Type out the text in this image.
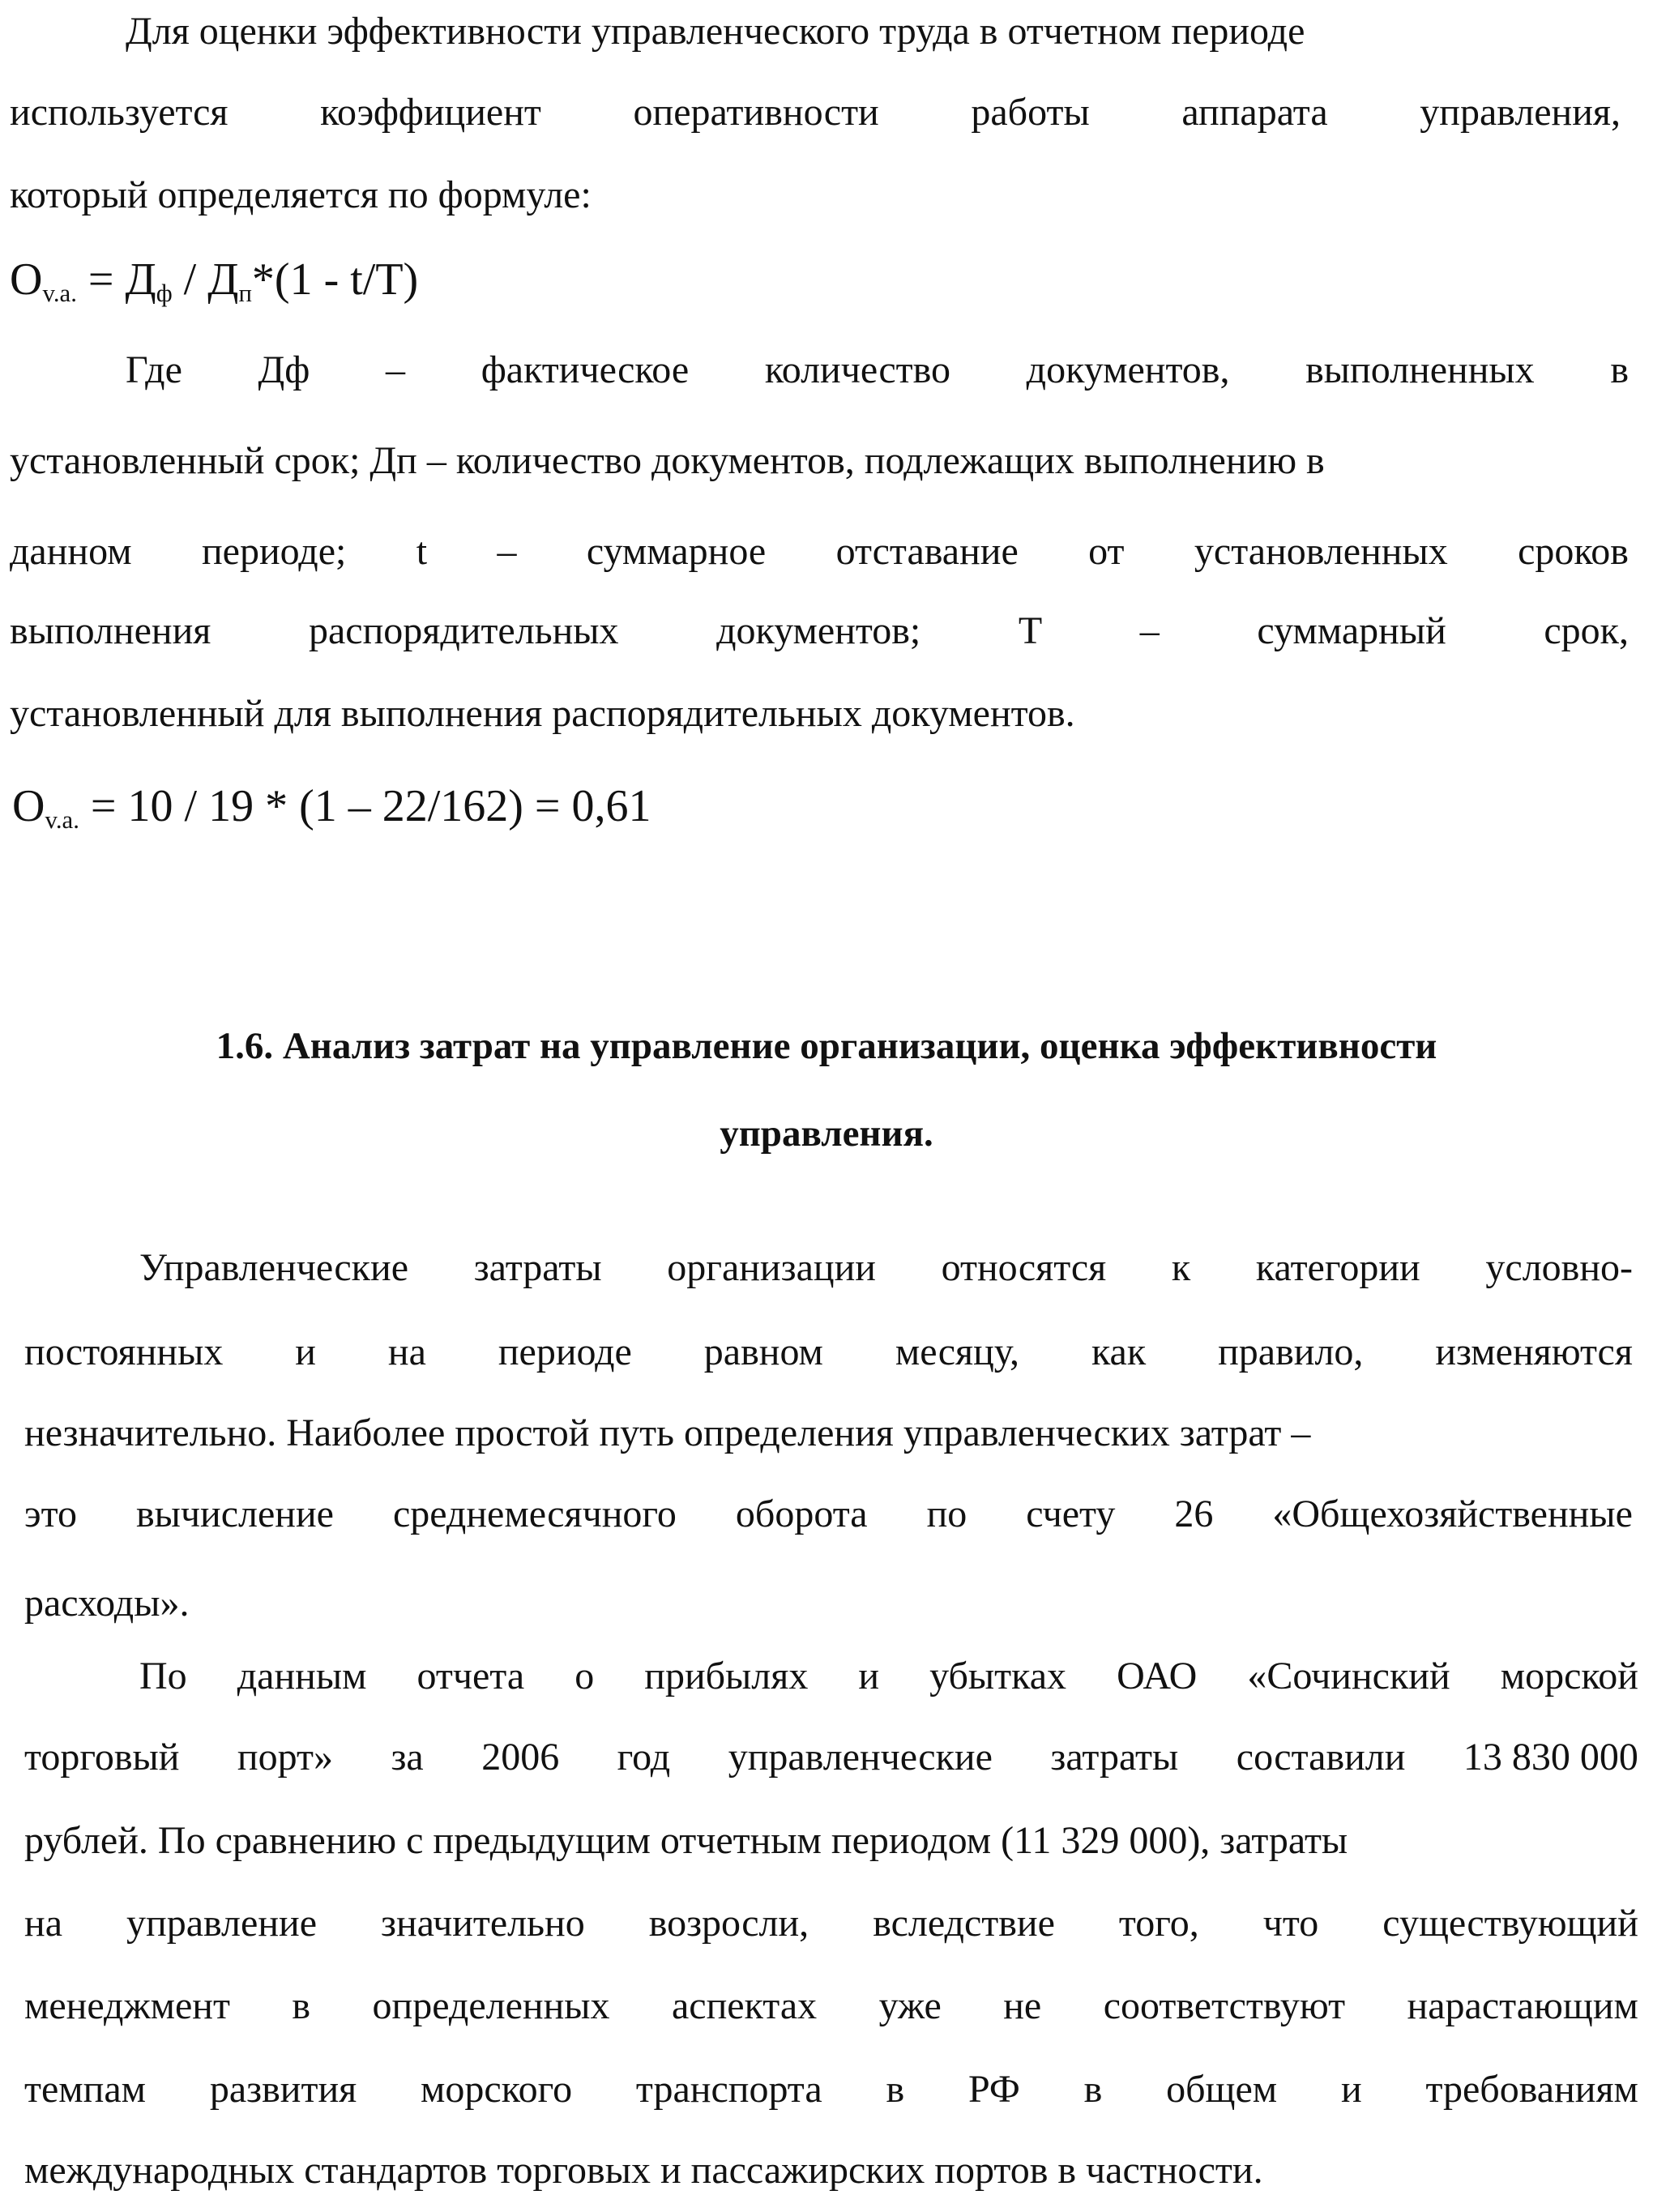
Для оценки эффективности управленческого труда в отчетном периоде
используется коэффициент оперативности работы аппарата управления,
который определяется по формуле:
$О_{v.a.} = Д_ф / Д_п*(1 - t/T)$
Где Дф – фактическое количество документов, выполненных в
установленный срок; Дп – количество документов, подлежащих выполнению в
данном периоде; t – суммарное отставание от установленных сроков
выполнения	распорядительных	документов;	T	–	суммарный	срок,
установленный для выполнения распорядительных документов.
$О_{v.a.} = 10 / 19 * (1 - 22/162) = 0,61$
1.6. Анализ затрат на управление организации, оценка эффективности
управления.
Управленческие затраты организации относятся к категории условно-
постоянных и на периоде равном месяцу, как правило, изменяются
незначительно. Наиболее простой путь определения управленческих затрат –
это вычисление среднемесячного оборота по счету 26 «Общехозяйственные
расходы».
По данным отчета о прибылях и убытках ОАО «Сочинский морской
торговый порт» за 2006 год управленческие затраты составили 13 830 000
рублей. По сравнению с предыдущим отчетным периодом (11 329 000), затраты
на управление значительно возросли, вследствие того, что существующий
менеджмент в определенных аспектах уже не соответствуют нарастающим
темпам развития морского транспорта в РФ в общем и требованиям
международных стандартов торговых и пассажирских портов в частности.
